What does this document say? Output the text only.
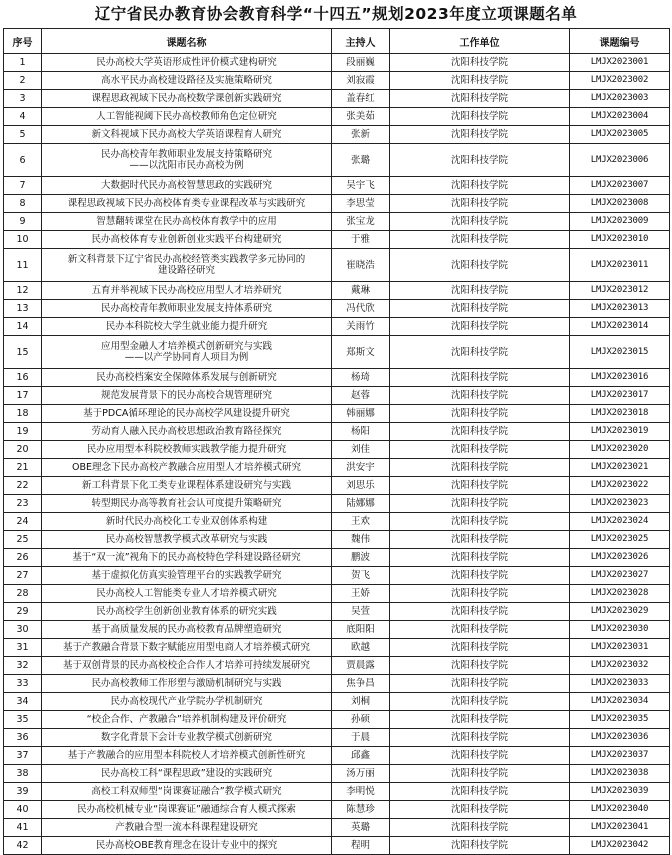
辽宁省民办教育协会教育科学“十四五”规划2023年度立项课题名单
序号	课题名称	主持人	工作单位	课题编号
1	民办高校大学英语形成性评价模式建构研究	段丽巍	沈阳科技学院	LMJX2023001
2	高水平民办高校建设路径及实施策略研究	刘寂霞	沈阳科技学院	LMJX2023002
3	课程思政视域下民办高校数学课创新实践研究	盖春红	沈阳科技学院	LMJX2023003
4	人工智能视阈下民办高校教师角色定位研究	张美茹	沈阳科技学院	LMJX2023004
5	新文科视域下民办高校大学英语课程育人研究	张新	沈阳科技学院	LMJX2023005
6	民办高校青年教师职业发展支持策略研究
——以沈阳市民办高校为例	张璐	沈阳科技学院	LMJX2023006
7	大数据时代民办高校智慧思政的实践研究	吴宇飞	沈阳科技学院	LMJX2023007
8	课程思政视域下民办高校体育类专业课程改革与实践研究	李思莹	沈阳科技学院	LMJX2023008
9	智慧翻转课堂在民办高校体育教学中的应用	张宝龙	沈阳科技学院	LMJX2023009
10	民办高校体育专业创新创业实践平台构建研究	于雅	沈阳科技学院	LMJX2023010
11	新文科背景下辽宁省民办高校经管类实践教学多元协同的
建设路径研究	崔晓浩	沈阳科技学院	LMJX2023011
12	五育并举视域下民办高校应用型人才培养研究	戴琳	沈阳科技学院	LMJX2023012
13	民办高校青年教师职业发展支持体系研究	冯代欣	沈阳科技学院	LMJX2023013
14	民办本科院校大学生就业能力提升研究	关雨竹	沈阳科技学院	LMJX2023014
15	应用型金融人才培养模式创新研究与实践
——以产学协同育人项目为例	郑斯文	沈阳科技学院	LMJX2023015
16	民办高校档案安全保障体系发展与创新研究	杨琦	沈阳科技学院	LMJX2023016
17	规范发展背景下的民办高校合规管理研究	赵蓉	沈阳科技学院	LMJX2023017
18	基于PDCA循环理论的民办高校学风建设提升研究	韩丽娜	沈阳科技学院	LMJX2023018
19	劳动育人融入民办高校思想政治教育路径探究	杨阳	沈阳科技学院	LMJX2023019
20	民办应用型本科院校教师实践教学能力提升研究	刘佳	沈阳科技学院	LMJX2023020
21	OBE理念下民办高校产教融合应用型人才培养模式研究	洪安宇	沈阳科技学院	LMJX2023021
22	新工科背景下化工类专业课程体系建设研究与实践	刘思乐	沈阳科技学院	LMJX2023022
23	转型期民办高等教育社会认可度提升策略研究	陆娜娜	沈阳科技学院	LMJX2023023
24	新时代民办高校化工专业双创体系构建	王欢	沈阳科技学院	LMJX2023024
25	民办高校智慧教学模式改革研究与实践	魏伟	沈阳科技学院	LMJX2023025
26	基于“双一流”视角下的民办高校特色学科建设路径研究	鹏波	沈阳科技学院	LMJX2023026
27	基于虚拟化仿真实验管理平台的实践教学研究	贺飞	沈阳科技学院	LMJX2023027
28	民办高校人工智能类专业人才培养模式研究	王娇	沈阳科技学院	LMJX2023028
29	民办高校学生创新创业教育体系的研究实践	吴萱	沈阳科技学院	LMJX2023029
30	基于高质量发展的民办高校教育品牌塑造研究	底阳阳	沈阳科技学院	LMJX2023030
31	基于产教融合背景下数字赋能应用型电商人才培养模式研究	欧越	沈阳科技学院	LMJX2023031
32	基于双创背景的民办高校校企合作人才培养可持续发展研究	贾晨露	沈阳科技学院	LMJX2023032
33	民办高校教师工作形塑与激励机制研究与实践	焦争昌	沈阳科技学院	LMJX2023033
34	民办高校现代产业学院办学机制研究	刘桐	沈阳科技学院	LMJX2023034
35	“校企合作、产教融合”培养机制构建及评价研究	孙硕	沈阳科技学院	LMJX2023035
36	数字化背景下会计专业教学模式创新研究	于晨	沈阳科技学院	LMJX2023036
37	基于产教融合的应用型本科院校人才培养模式创新性研究	邱鑫	沈阳科技学院	LMJX2023037
38	民办高校工科“课程思政”建设的实践研究	汤万丽	沈阳科技学院	LMJX2023038
39	高校工科双师型“岗课赛证融合”教学模式研究	李明悦	沈阳科技学院	LMJX2023039
40	民办高校机械专业“岗课赛证”融通综合育人模式探索	陈慧珍	沈阳科技学院	LMJX2023040
41	产教融合型一流本科课程建设研究	英璐	沈阳科技学院	LMJX2023041
42	民办高校OBE教育理念在设计专业中的探究	程明	沈阳科技学院	LMJX2023042
